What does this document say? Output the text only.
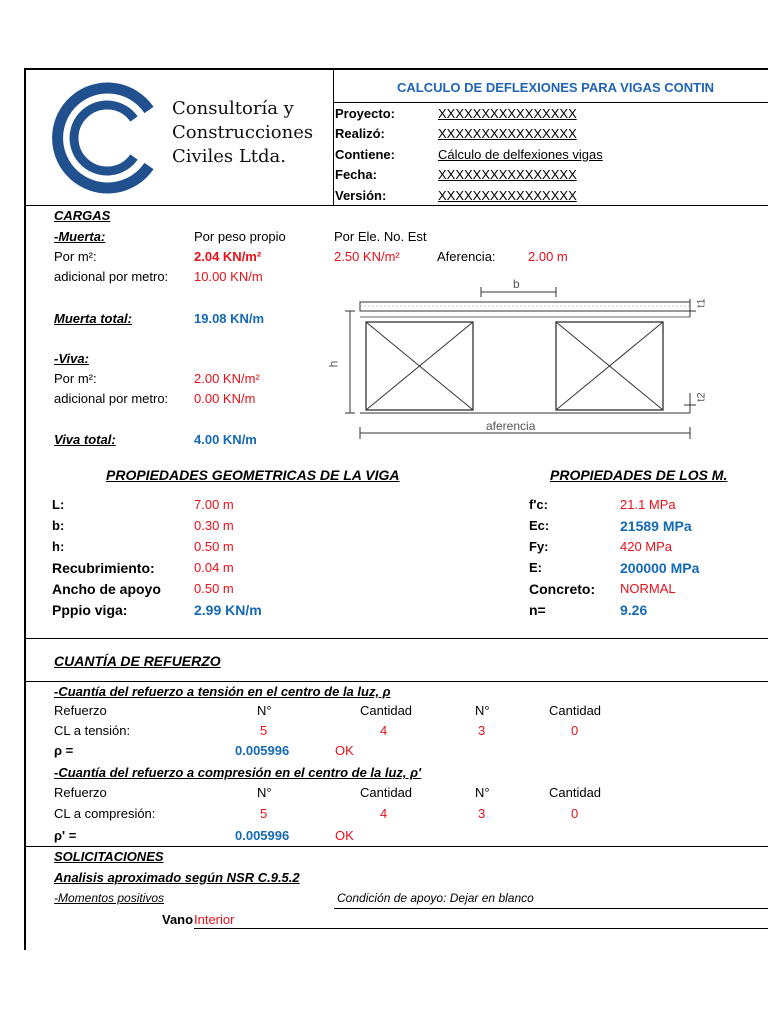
Consultoría y
Construcciones
Civiles Ltda.
CALCULO DE DEFLEXIONES PARA VIGAS CONTIN
Proyecto:	XXXXXXXXXXXXXXXX
Realizó:	XXXXXXXXXXXXXXXX
Contiene:	Cálculo de delfexiones vigas
Fecha:	XXXXXXXXXXXXXXXX
Versión:	XXXXXXXXXXXXXXXX
CARGAS
-Muerta:	Por peso propio	Por Ele. No. Est
Por m²:	2.04 KN/m²	2.50 KN/m²	Aferencia: 2.00 m
adicional por metro: 10.00 KN/m
Muerta total:	19.08 KN/m
-Viva:
Por m²:	2.00 KN/m²
adicional por metro: 0.00 KN/m
Viva total:	4.00 KN/m
b
h
t1
t2
aferencia
PROPIEDADES GEOMETRICAS DE LA VIGA	PROPIEDADES DE LOS M.
L:	7.00 m
b:	0.30 m
h:	0.50 m
Recubrimiento:	0.04 m
Ancho de apoyo	0.50 m
Pppio viga:	2.99 KN/m
f'c:	21.1 MPa
Ec:	21589 MPa
Fy:	420 MPa
E:	200000 MPa
Concreto: NORMAL
n=	9.26
CUANTÍA DE REFUERZO
-Cuantía del refuerzo a tensión en el centro de la luz, ρ
Refuerzo	N°	Cantidad	N°	Cantidad
CL a tensión:	5	4	3	0
ρ =	0.005996	OK
-Cuantía del refuerzo a compresión en el centro de la luz, ρ'
Refuerzo	N°	Cantidad	N°	Cantidad
CL a compresión:	5	4	3	0
ρ' =	0.005996	OK
SOLICITACIONES
Analisis aproximado según NSR C.9.5.2
-Momentos positivos	Condición de apoyo: Dejar en blanco
Vano Interior
